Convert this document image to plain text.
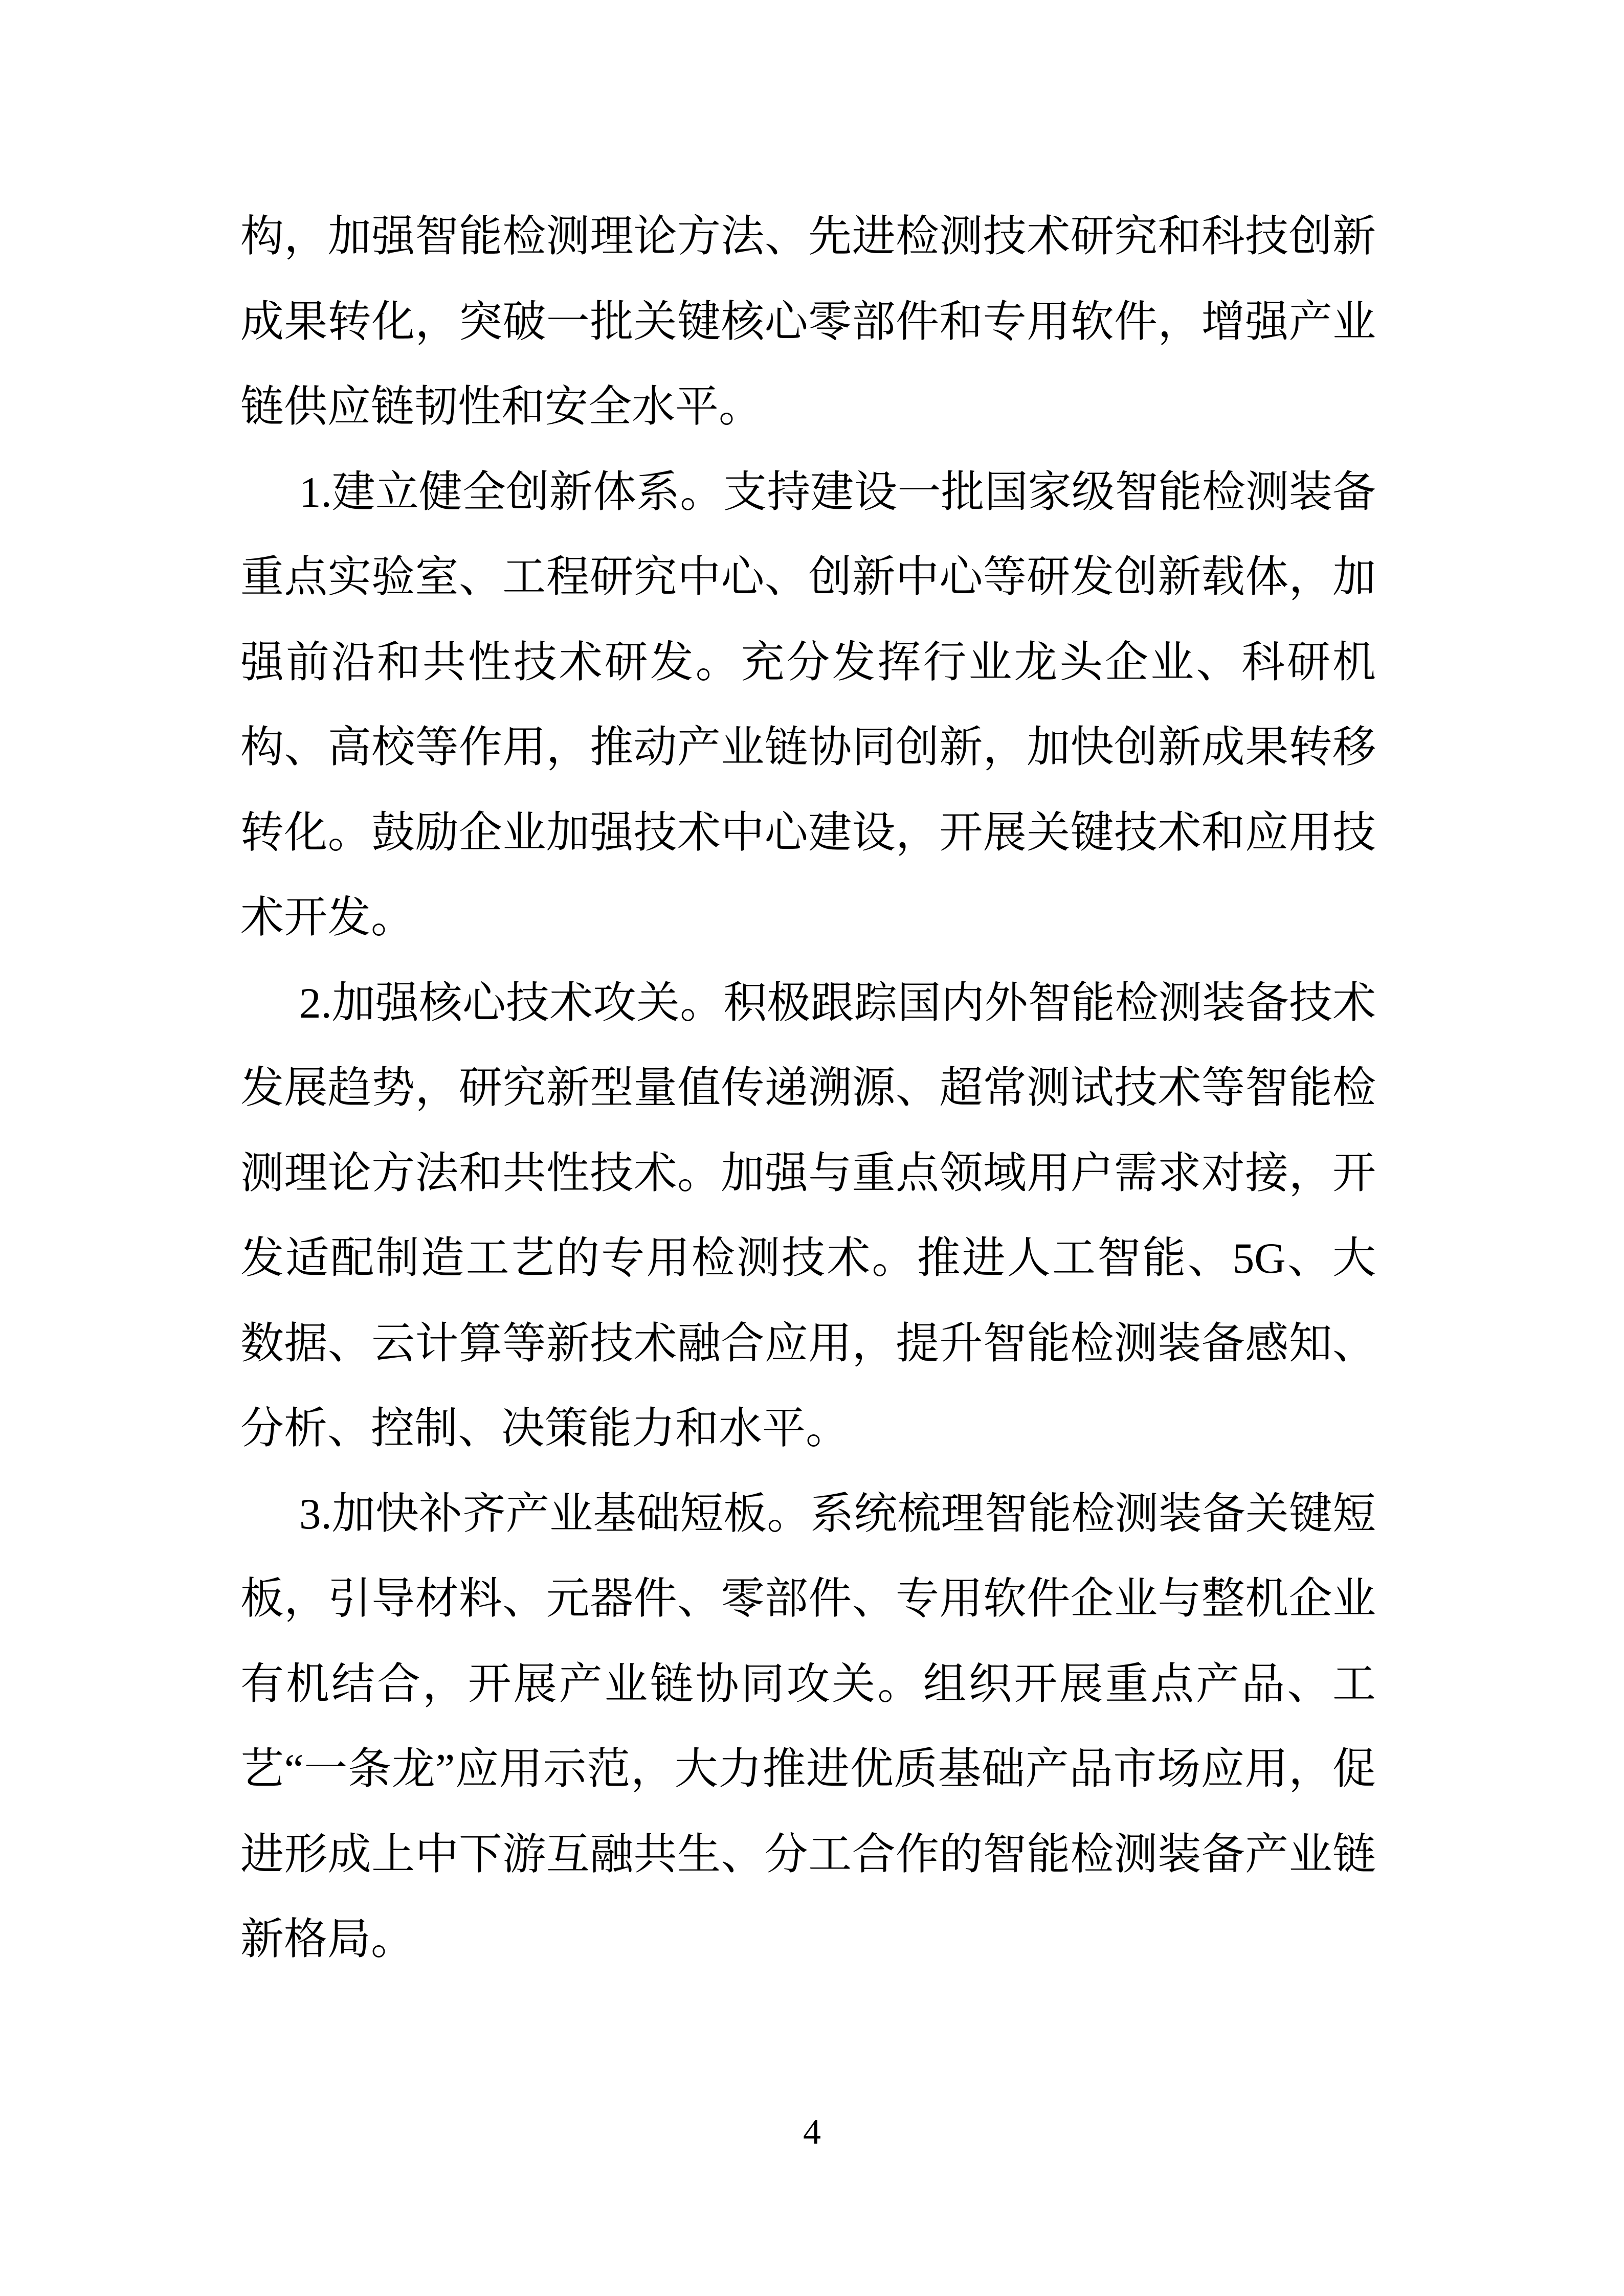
构，加强智能检测理论方法、先进检测技术研究和科技创新成果转化，突破一批关键核心零部件和专用软件，增强产业链供应链韧性和安全水平。

1.建立健全创新体系。支持建设一批国家级智能检测装备重点实验室、工程研究中心、创新中心等研发创新载体，加强前沿和共性技术研发。充分发挥行业龙头企业、科研机构、高校等作用，推动产业链协同创新，加快创新成果转移转化。鼓励企业加强技术中心建设，开展关键技术和应用技术开发。

2.加强核心技术攻关。积极跟踪国内外智能检测装备技术发展趋势，研究新型量值传递溯源、超常测试技术等智能检测理论方法和共性技术。加强与重点领域用户需求对接，开发适配制造工艺的专用检测技术。推进人工智能、5G、大数据、云计算等新技术融合应用，提升智能检测装备感知、分析、控制、决策能力和水平。

3.加快补齐产业基础短板。系统梳理智能检测装备关键短板，引导材料、元器件、零部件、专用软件企业与整机企业有机结合，开展产业链协同攻关。组织开展重点产品、工艺“一条龙”应用示范，大力推进优质基础产品市场应用，促进形成上中下游互融共生、分工合作的智能检测装备产业链新格局。

4
